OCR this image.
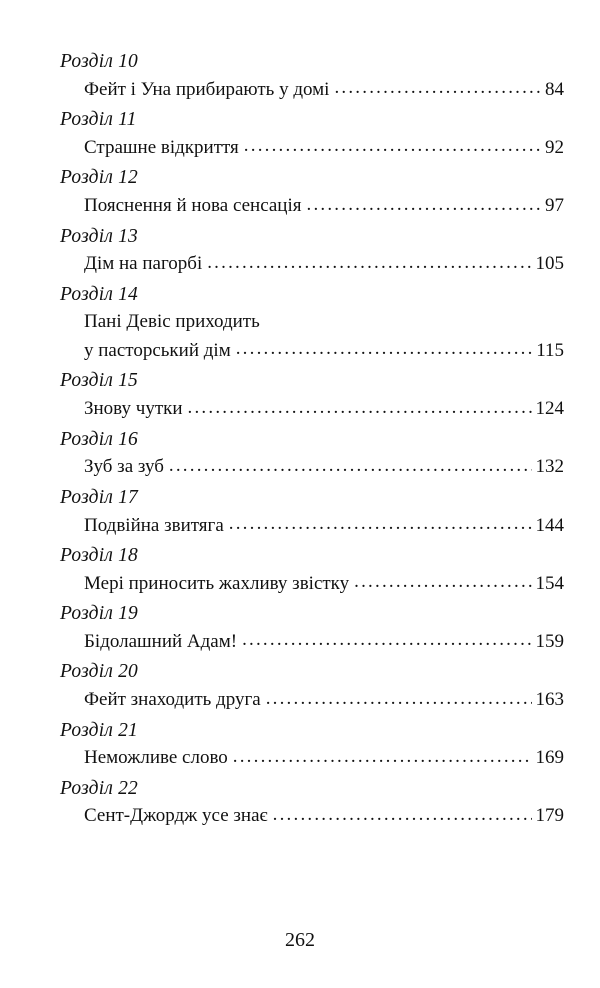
Розділ 10
Фейт і Уна прибирають у домі .....	84
Розділ 11
Страшне відкриття .....	92
Розділ 12
Пояснення й нова сенсація .....	97
Розділ 13
Дім на пагорбі .....	105
Розділ 14
Пані Девіс приходить
у пасторський дім .....	115
Розділ 15
Знову чутки .....	124
Розділ 16
Зуб за зуб .....	132
Розділ 17
Подвійна звитяга .....	144
Розділ 18
Мері приносить жахливу звістку .....	154
Розділ 19
Бідолашний Адам! .....	159
Розділ 20
Фейт знаходить друга .....	163
Розділ 21
Неможливе слово .....	169
Розділ 22
Сент-Джордж усе знає .....	179
262
